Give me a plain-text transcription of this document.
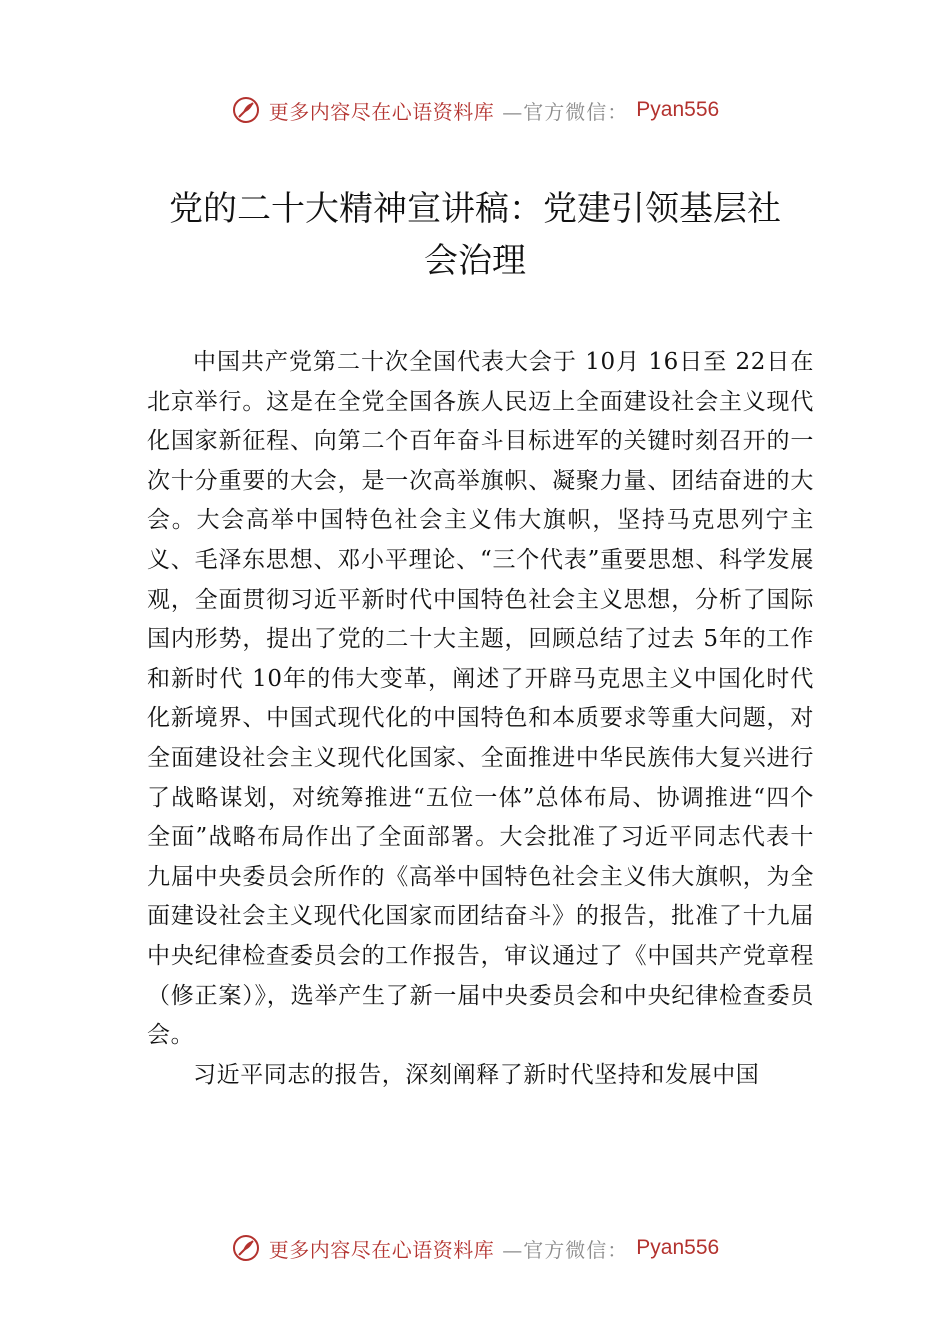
更多内容尽在心语资料库 —官方微信： Pyan556
党的二十大精神宣讲稿：党建引领基层社
会治理

中国共产党第二十次全国代表大会于 10月 16日至 22日在北京举行。这是在全党全国各族人民迈上全面建设社会主义现代化国家新征程、向第二个百年奋斗目标进军的关键时刻召开的一次十分重要的大会，是一次高举旗帜、凝聚力量、团结奋进的大会。大会高举中国特色社会主义伟大旗帜，坚持马克思列宁主义、毛泽东思想、邓小平理论、“三个代表”重要思想、科学发展观，全面贯彻习近平新时代中国特色社会主义思想，分析了国际国内形势，提出了党的二十大主题，回顾总结了过去 5年的工作和新时代 10年的伟大变革，阐述了开辟马克思主义中国化时代化新境界、中国式现代化的中国特色和本质要求等重大问题，对全面建设社会主义现代化国家、全面推进中华民族伟大复兴进行了战略谋划，对统筹推进“五位一体”总体布局、协调推进“四个全面”战略布局作出了全面部署。大会批准了习近平同志代表十九届中央委员会所作的《高举中国特色社会主义伟大旗帜，为全面建设社会主义现代化国家而团结奋斗》的报告，批准了十九届中央纪律检查委员会的工作报告，审议通过了《中国共产党章程（修正案）》，选举产生了新一届中央委员会和中央纪律检查委员会。

习近平同志的报告，深刻阐释了新时代坚持和发展中国

更多内容尽在心语资料库 —官方微信： Pyan556
